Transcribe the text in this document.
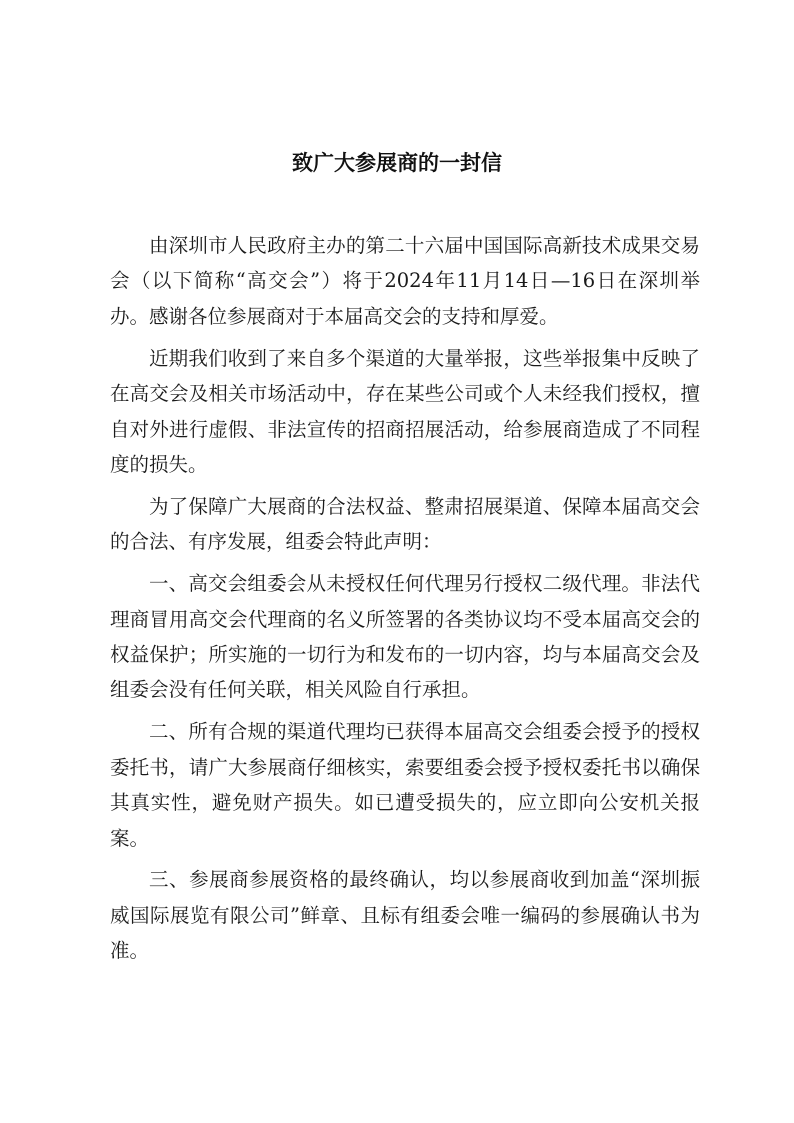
致广大参展商的一封信

由深圳市人民政府主办的第二十六届中国国际高新技术成果交易会（以下简称“高交会”）将于2024年11月14日—16日在深圳举办。感谢各位参展商对于本届高交会的支持和厚爱。

近期我们收到了来自多个渠道的大量举报，这些举报集中反映了在高交会及相关市场活动中，存在某些公司或个人未经我们授权，擅自对外进行虚假、非法宣传的招商招展活动，给参展商造成了不同程度的损失。

为了保障广大展商的合法权益、整肃招展渠道、保障本届高交会的合法、有序发展，组委会特此声明：

一、高交会组委会从未授权任何代理另行授权二级代理。非法代理商冒用高交会代理商的名义所签署的各类协议均不受本届高交会的权益保护；所实施的一切行为和发布的一切内容，均与本届高交会及组委会没有任何关联，相关风险自行承担。

二、所有合规的渠道代理均已获得本届高交会组委会授予的授权委托书，请广大参展商仔细核实，索要组委会授予授权委托书以确保其真实性，避免财产损失。如已遭受损失的，应立即向公安机关报案。

三、参展商参展资格的最终确认，均以参展商收到加盖“深圳振威国际展览有限公司”鲜章、且标有组委会唯一编码的参展确认书为准。
